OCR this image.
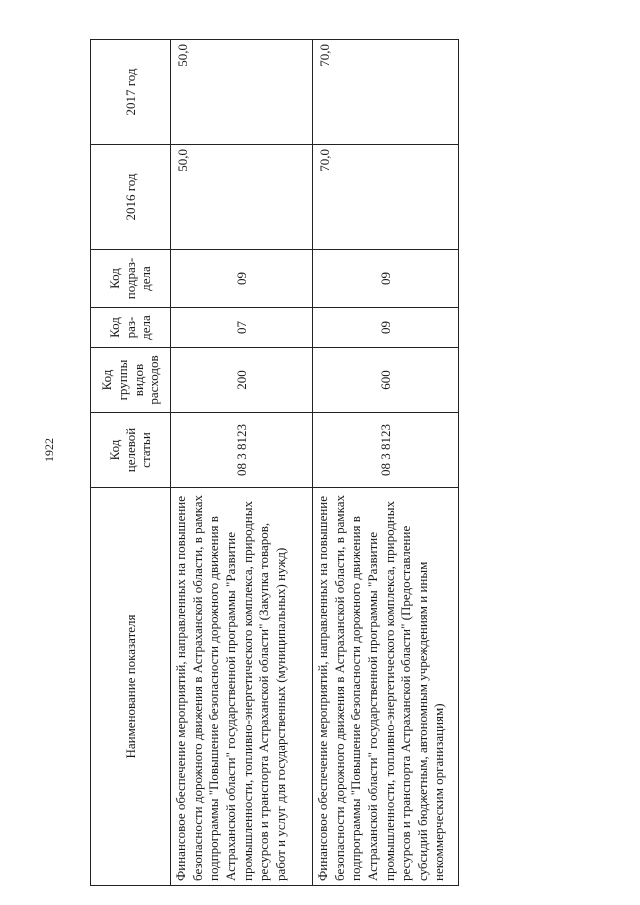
1922
Наименование показателя	Код целевой статьи	Код группы видов расходов	Код раз-дела	Код подраз-дела	2016 год	2017 год
Финансовое обеспечение мероприятий, направленных на повышение безопасности дорожного движения в Астраханской области, в рамках подпрограммы "Повышение безопасности дорожного движения в Астраханской области" государственной программы "Развитие промышленности, топливно-энергетического комплекса, природных ресурсов и транспорта Астраханской области" (Закупка товаров, работ и услуг для государственных (муниципальных) нужд)	08 3 8123	200	07	09	50,0	50,0
Финансовое обеспечение мероприятий, направленных на повышение безопасности дорожного движения в Астраханской области, в рамках подпрограммы "Повышение безопасности дорожного движения в Астраханской области" государственной программы "Развитие промышленности, топливно-энергетического комплекса, природных ресурсов и транспорта Астраханской области" (Предоставление субсидий бюджетным, автономным учреждениям и иным некоммерческим организациям)	08 3 8123	600	09	09	70,0	70,0
